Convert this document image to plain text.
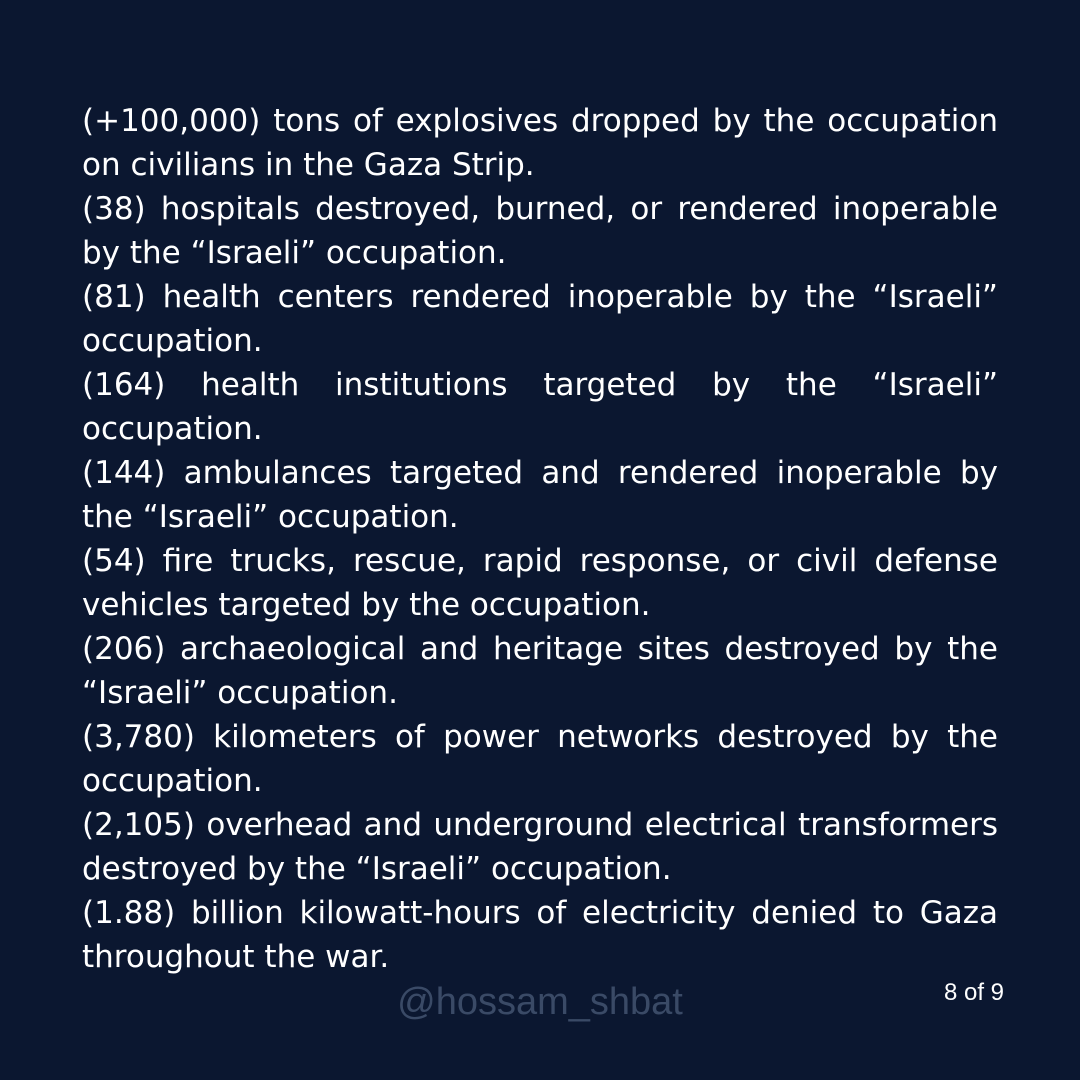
(+100,000) tons of explosives dropped by the occupation on civilians in the Gaza Strip.

(38) hospitals destroyed, burned, or rendered inoperable by the “Israeli” occupation.

(81) health centers rendered inoperable by the “Israeli” occupation.

(164) health institutions targeted by the “Israeli” occupation.

(144) ambulances targeted and rendered inoperable by the “Israeli” occupation.

(54) fire trucks, rescue, rapid response, or civil defense vehicles targeted by the occupation.

(206) archaeological and heritage sites destroyed by the “Israeli” occupation.

(3,780) kilometers of power networks destroyed by the occupation.

(2,105) overhead and underground electrical transformers destroyed by the “Israeli” occupation.

(1.88) billion kilowatt-hours of electricity denied to Gaza throughout the war.

@hossam_shbat	8 of 9
